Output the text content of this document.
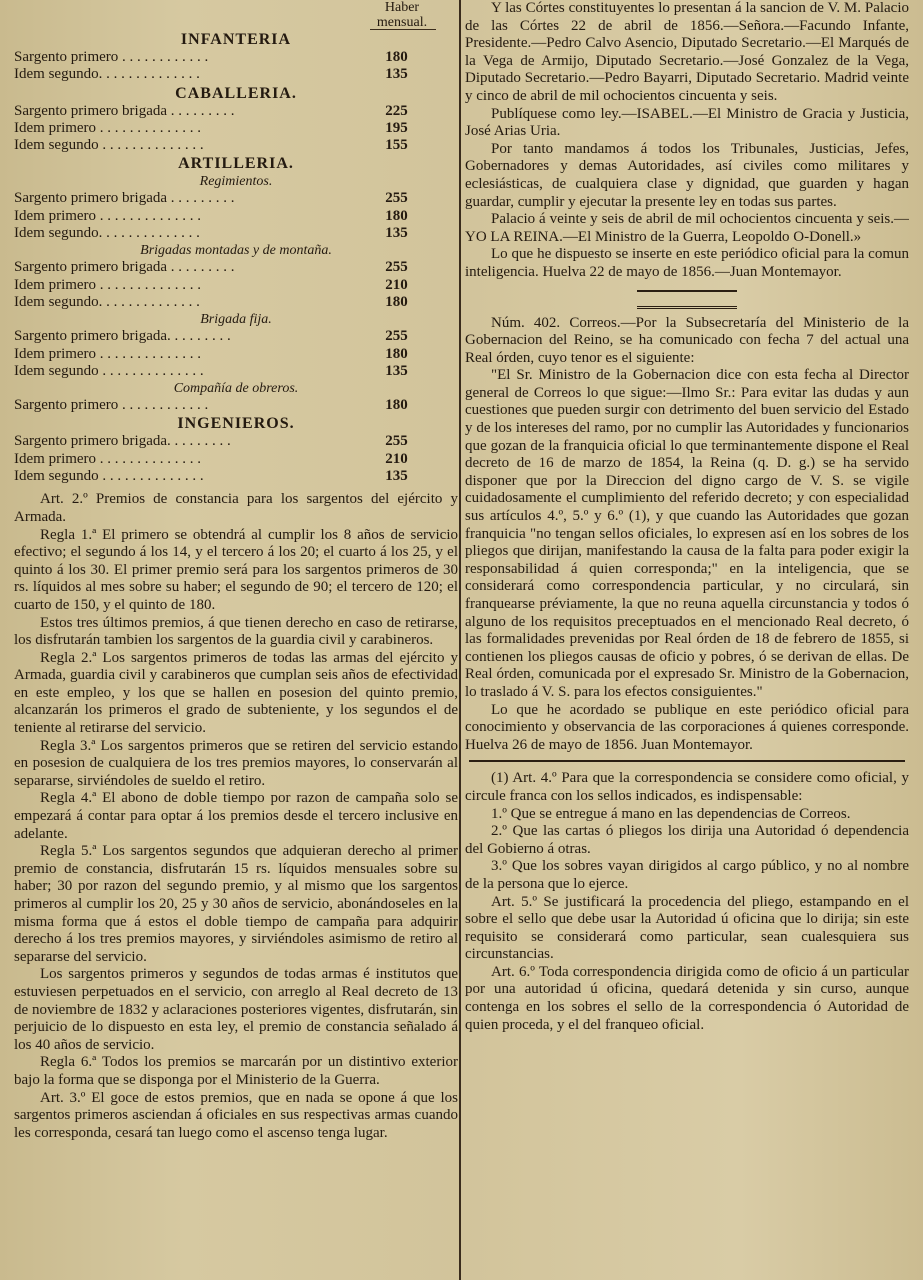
Haber mensual.
INFANTERIA
Sargento primero . . . . . . . . . . . .	180
Idem segundo. . . . . . . . . . . . . .	135
CABALLERIA.
Sargento primero brigada . . . . . . . . .	225
Idem primero . . . . . . . . . . . . . .	195
Idem segundo . . . . . . . . . . . . . .	155
ARTILLERIA.
Regimientos.
Sargento primero brigada . . . . . . . . .	255
Idem primero . . . . . . . . . . . . . .	180
Idem segundo. . . . . . . . . . . . . .	135
Brigadas montadas y de montaña.
Sargento primero brigada . . . . . . . . .	255
Idem primero . . . . . . . . . . . . . .	210
Idem segundo. . . . . . . . . . . . . .	180
Brigada fija.
Sargento primero brigada. . . . . . . . .	255
Idem primero . . . . . . . . . . . . . .	180
Idem segundo . . . . . . . . . . . . . .	135
Compañía de obreros.
Sargento primero . . . . . . . . . . . .	180
INGENIEROS.
Sargento primero brigada. . . . . . . . .	255
Idem primero . . . . . . . . . . . . . .	210
Idem segundo . . . . . . . . . . . . . .	135

Art. 2.º Premios de constancia para los sargentos del ejército y Armada.

Regla 1.ª El primero se obtendrá al cumplir los 8 años de servicio efectivo; el segundo á los 14, y el tercero á los 20; el cuarto á los 25, y el quinto á los 30. El primer premio será para los sargentos primeros de 30 rs. líquidos al mes sobre su haber; el segundo de 90; el tercero de 120; el cuarto de 150, y el quinto de 180.

Estos tres últimos premios, á que tienen derecho en caso de retirarse, los disfrutarán tambien los sargentos de la guardia civil y carabineros.

Regla 2.ª Los sargentos primeros de todas las armas del ejército y Armada, guardia civil y carabineros que cumplan seis años de efectividad en este empleo, y los que se hallen en posesion del quinto premio, alcanzarán los primeros el grado de subteniente, y los segundos el de teniente al retirarse del servicio.

Regla 3.ª Los sargentos primeros que se retiren del servicio estando en posesion de cualquiera de los tres premios mayores, lo conservarán al separarse, sirviéndoles de sueldo el retiro.

Regla 4.ª El abono de doble tiempo por razon de campaña solo se empezará á contar para optar á los premios desde el tercero inclusive en adelante.

Regla 5.ª Los sargentos segundos que adquieran derecho al primer premio de constancia, disfrutarán 15 rs. líquidos mensuales sobre su haber; 30 por razon del segundo premio, y al mismo que los sargentos primeros al cumplir los 20, 25 y 30 años de servicio, abonándoseles en la misma forma que á estos el doble tiempo de campaña para adquirir derecho á los tres premios mayores, y sirviéndoles asimismo de retiro al separarse del servicio.

Los sargentos primeros y segundos de todas armas é institutos que estuviesen perpetuados en el servicio, con arreglo al Real decreto de 13 de noviembre de 1832 y aclaraciones posteriores vigentes, disfrutarán, sin perjuicio de lo dispuesto en esta ley, el premio de constancia señalado á los 40 años de servicio.

Regla 6.ª Todos los premios se marcarán por un distintivo exterior bajo la forma que se disponga por el Ministerio de la Guerra.

Art. 3.º El goce de estos premios, que en nada se opone á que los sargentos primeros asciendan á oficiales en sus respectivas armas cuando les corresponda, cesará tan luego como el ascenso tenga lugar.

Y las Córtes constituyentes lo presentan á la sancion de V. M. Palacio de las Córtes 22 de abril de 1856.—Señora.—Facundo Infante, Presidente.—Pedro Calvo Asencio, Diputado Secretario.—El Marqués de la Vega de Armijo, Diputado Secretario.—José Gonzalez de la Vega, Diputado Secretario.—Pedro Bayarri, Diputado Secretario. Madrid veinte y cinco de abril de mil ochocientos cincuenta y seis.

Publíquese como ley.—ISABEL.—El Ministro de Gracia y Justicia, José Arias Uria.

Por tanto mandamos á todos los Tribunales, Justicias, Jefes, Gobernadores y demas Autoridades, así civiles como militares y eclesiásticas, de cualquiera clase y dignidad, que guarden y hagan guardar, cumplir y ejecutar la presente ley en todas sus partes.

Palacio á veinte y seis de abril de mil ochocientos cincuenta y seis.—YO LA REINA.—El Ministro de la Guerra, Leopoldo O-Donell.»

Lo que he dispuesto se inserte en este periódico oficial para la comun inteligencia. Huelva 22 de mayo de 1856.—Juan Montemayor.

Núm. 402. Correos.—Por la Subsecretaría del Ministerio de la Gobernacion del Reino, se ha comunicado con fecha 7 del actual una Real órden, cuyo tenor es el siguiente:

"El Sr. Ministro de la Gobernacion dice con esta fecha al Director general de Correos lo que sigue:—Ilmo Sr.: Para evitar las dudas y aun cuestiones que pueden surgir con detrimento del buen servicio del Estado y de los intereses del ramo, por no cumplir las Autoridades y funcionarios que gozan de la franquicia oficial lo que terminantemente dispone el Real decreto de 16 de marzo de 1854, la Reina (q. D. g.) se ha servido disponer que por la Direccion del digno cargo de V. S. se vigile cuidadosamente el cumplimiento del referido decreto; y con especialidad sus artículos 4.º, 5.º y 6.º (1), y que cuando las Autoridades que gozan franquicia "no tengan sellos oficiales, lo expresen así en los sobres de los pliegos que dirijan, manifestando la causa de la falta para poder exigir la responsabilidad á quien corresponda;" en la inteligencia, que se considerará como correspondencia particular, y no circulará, sin franquearse préviamente, la que no reuna aquella circunstancia y todos ó alguno de los requisitos preceptuados en el mencionado Real decreto, ó las formalidades prevenidas por Real órden de 18 de febrero de 1855, si contienen los pliegos causas de oficio y pobres, ó se derivan de ellas. De Real órden, comunicada por el expresado Sr. Ministro de la Gobernacion, lo traslado á V. S. para los efectos consiguientes."

Lo que he acordado se publique en este periódico oficial para conocimiento y observancia de las corporaciones á quienes corresponde. Huelva 26 de mayo de 1856. Juan Montemayor.

(1) Art. 4.º Para que la correspondencia se considere como oficial, y circule franca con los sellos indicados, es indispensable:

1.º Que se entregue á mano en las dependencias de Correos.

2.º Que las cartas ó pliegos los dirija una Autoridad ó dependencia del Gobierno á otras.

3.º Que los sobres vayan dirigidos al cargo público, y no al nombre de la persona que lo ejerce.

Art. 5.º Se justificará la procedencia del pliego, estampando en el sobre el sello que debe usar la Autoridad ú oficina que lo dirija; sin este requisito se considerará como particular, sean cualesquiera sus circunstancias.

Art. 6.º Toda correspondencia dirigida como de oficio á un particular por una autoridad ú oficina, quedará detenida y sin curso, aunque contenga en los sobres el sello de la correspondencia ó Autoridad de quien proceda, y el del franqueo oficial.
